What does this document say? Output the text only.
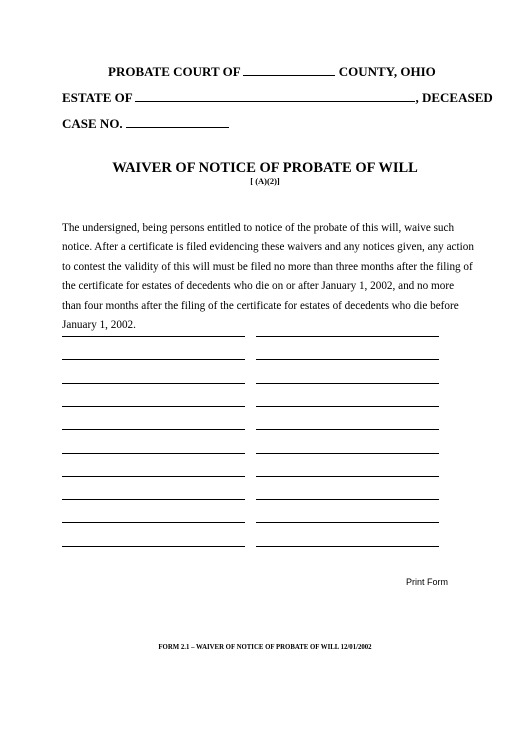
PROBATE COURT OF	COUNTY, OHIO
ESTATE OF	, DECEASED
CASE NO.
WAIVER OF NOTICE OF PROBATE OF WILL
[ (A)(2)]
The undersigned, being persons entitled to notice of the probate of this will, waive such notice. After a certificate is filed evidencing these waivers and any notices given, any action to contest the validity of this will must be filed no more than three months after the filing of the certificate for estates of decedents who die on or after January 1, 2002, and no more than four months after the filing of the certificate for estates of decedents who die before January 1, 2002.
Print Form
FORM 2.1 – WAIVER OF NOTICE OF PROBATE OF WILL 12/01/2002
